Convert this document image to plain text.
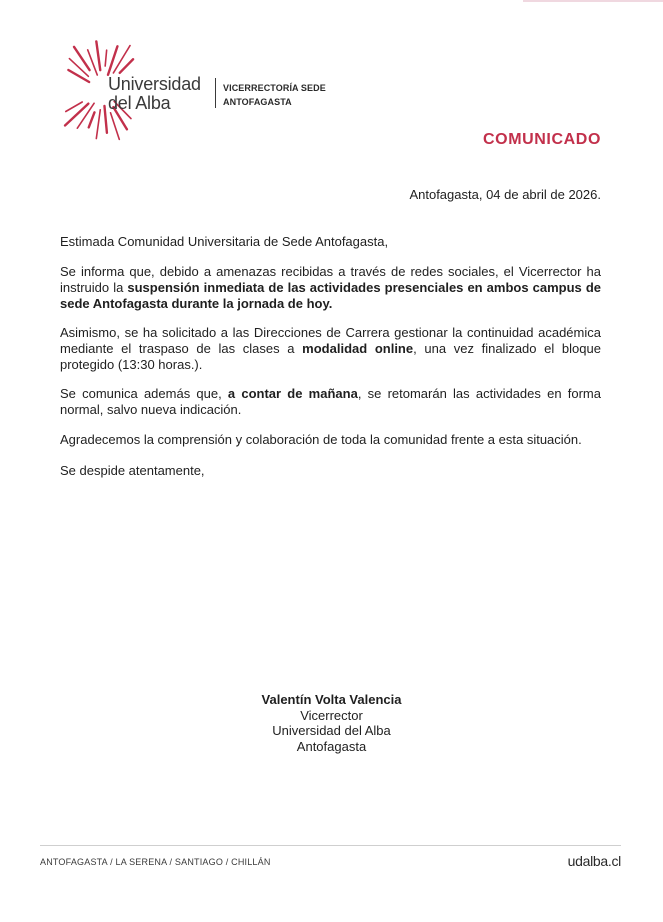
Universidad
del Alba
VICERRECTORÍA SEDE
ANTOFAGASTA
COMUNICADO
Antofagasta, 04 de abril de 2026.

Estimada Comunidad Universitaria de Sede Antofagasta,

Se informa que, debido a amenazas recibidas a través de redes sociales, el Vicerrector ha instruido la suspensión inmediata de las actividades presenciales en ambos campus de sede Antofagasta durante la jornada de hoy.

Asimismo, se ha solicitado a las Direcciones de Carrera gestionar la continuidad académica mediante el traspaso de las clases a modalidad online, una vez finalizado el bloque protegido (13:30 horas.).

Se comunica además que, a contar de mañana, se retomarán las actividades en forma normal, salvo nueva indicación.

Agradecemos la comprensión y colaboración de toda la comunidad frente a esta situación.

Se despide atentamente,

Valentín Volta Valencia
Vicerrector
Universidad del Alba
Antofagasta
ANTOFAGASTA / LA SERENA / SANTIAGO / CHILLÁN	udalba.cl
